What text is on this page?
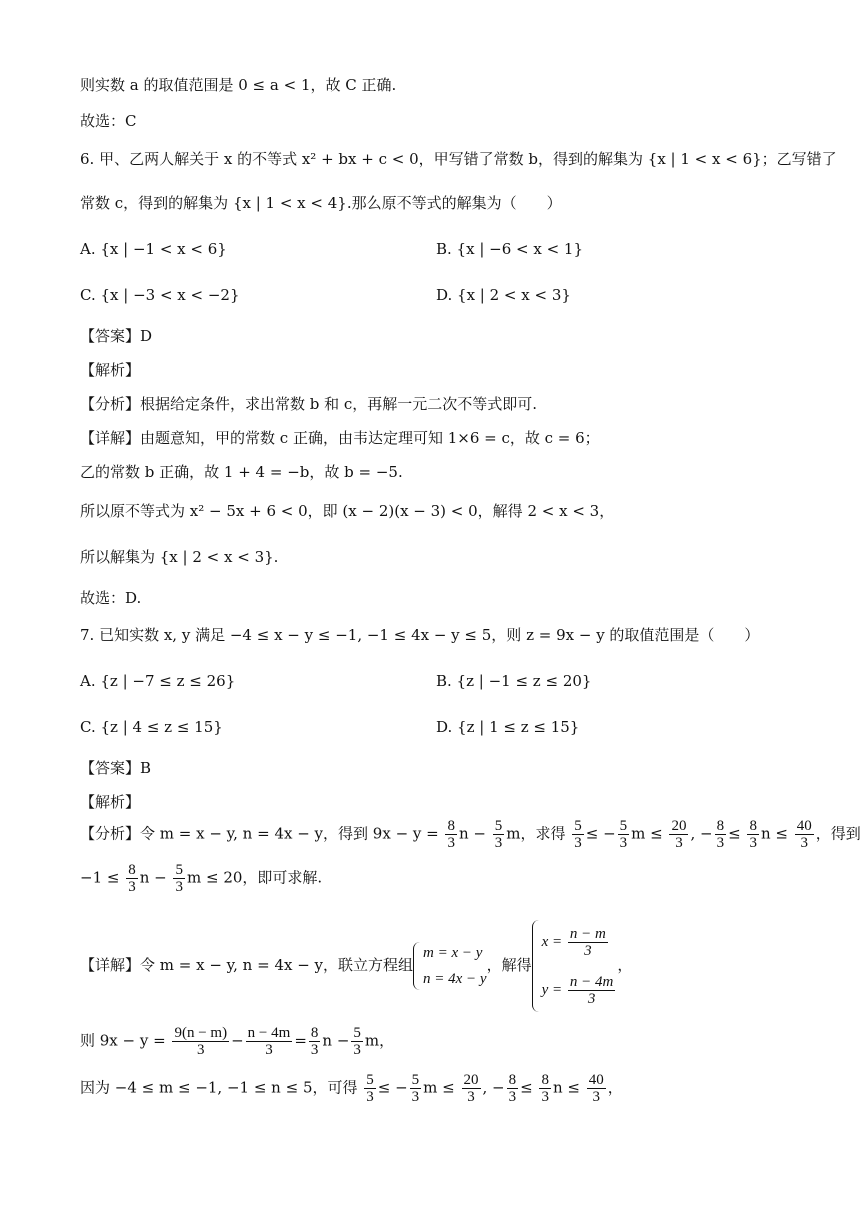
则实数 a 的取值范围是 0 ≤ a < 1，故 C 正确.
故选：C
6. 甲、乙两人解关于 x 的不等式 x² + bx + c < 0，甲写错了常数 b，得到的解集为 {x | 1 < x < 6}；乙写错了
常数 c，得到的解集为 {x | 1 < x < 4}.那么原不等式的解集为（　　）
A. {x | −1 < x < 6}	B. {x | −6 < x < 1}
C. {x | −3 < x < −2}	D. {x | 2 < x < 3}
【答案】D
【解析】
【分析】根据给定条件，求出常数 b 和 c，再解一元二次不等式即可.
【详解】由题意知，甲的常数 c 正确，由韦达定理可知 1×6 = c，故 c = 6；
乙的常数 b 正确，故 1 + 4 = −b，故 b = −5.
所以原不等式为 x² − 5x + 6 < 0，即 (x − 2)(x − 3) < 0，解得 2 < x < 3，
所以解集为 {x | 2 < x < 3}.
故选：D.
7. 已知实数 x, y 满足 −4 ≤ x − y ≤ −1, −1 ≤ 4x − y ≤ 5，则 z = 9x − y 的取值范围是（　　）
A. {z | −7 ≤ z ≤ 26}	B. {z | −1 ≤ z ≤ 20}
C. {z | 4 ≤ z ≤ 15}	D. {z | 1 ≤ z ≤ 15}
【答案】B
【解析】
【分析】令 m = x − y, n = 4x − y，得到 $9x - y = \frac{8}{3}$ $n - \frac{5}{3}$ m，求得 $\frac{5}{3}$ ≤ − $\frac{5}{3}$ $m \le \frac{20}{3}$ , − $\frac{8}{3} \le \frac{8}{3}$ $n \le \frac{40}{3}$ ，得到
$-1 \le \frac{8}{3}$ $n - \frac{5}{3}$ m ≤ 20，即可求解.
【详解】令 m = x − y, n = 4x − y，联立方程组
m = x − y
n = 4x − y
，解得
$x = \frac{n - m}{3}$
$y = \frac{n - 4m}{3}$
，
则 $9x - y = \frac{9(n - m)}{3} - \frac{n - 4m}{3} = \frac{8}{3}$ $n - \frac{5}{3}$ m，
因为 −4 ≤ m ≤ −1, −1 ≤ n ≤ 5，可得 $\frac{5}{3}$ ≤ − $\frac{5}{3}$ $m \le \frac{20}{3}$ , − $\frac{8}{3} \le \frac{8}{3}$ $n \le \frac{40}{3}$ ，
